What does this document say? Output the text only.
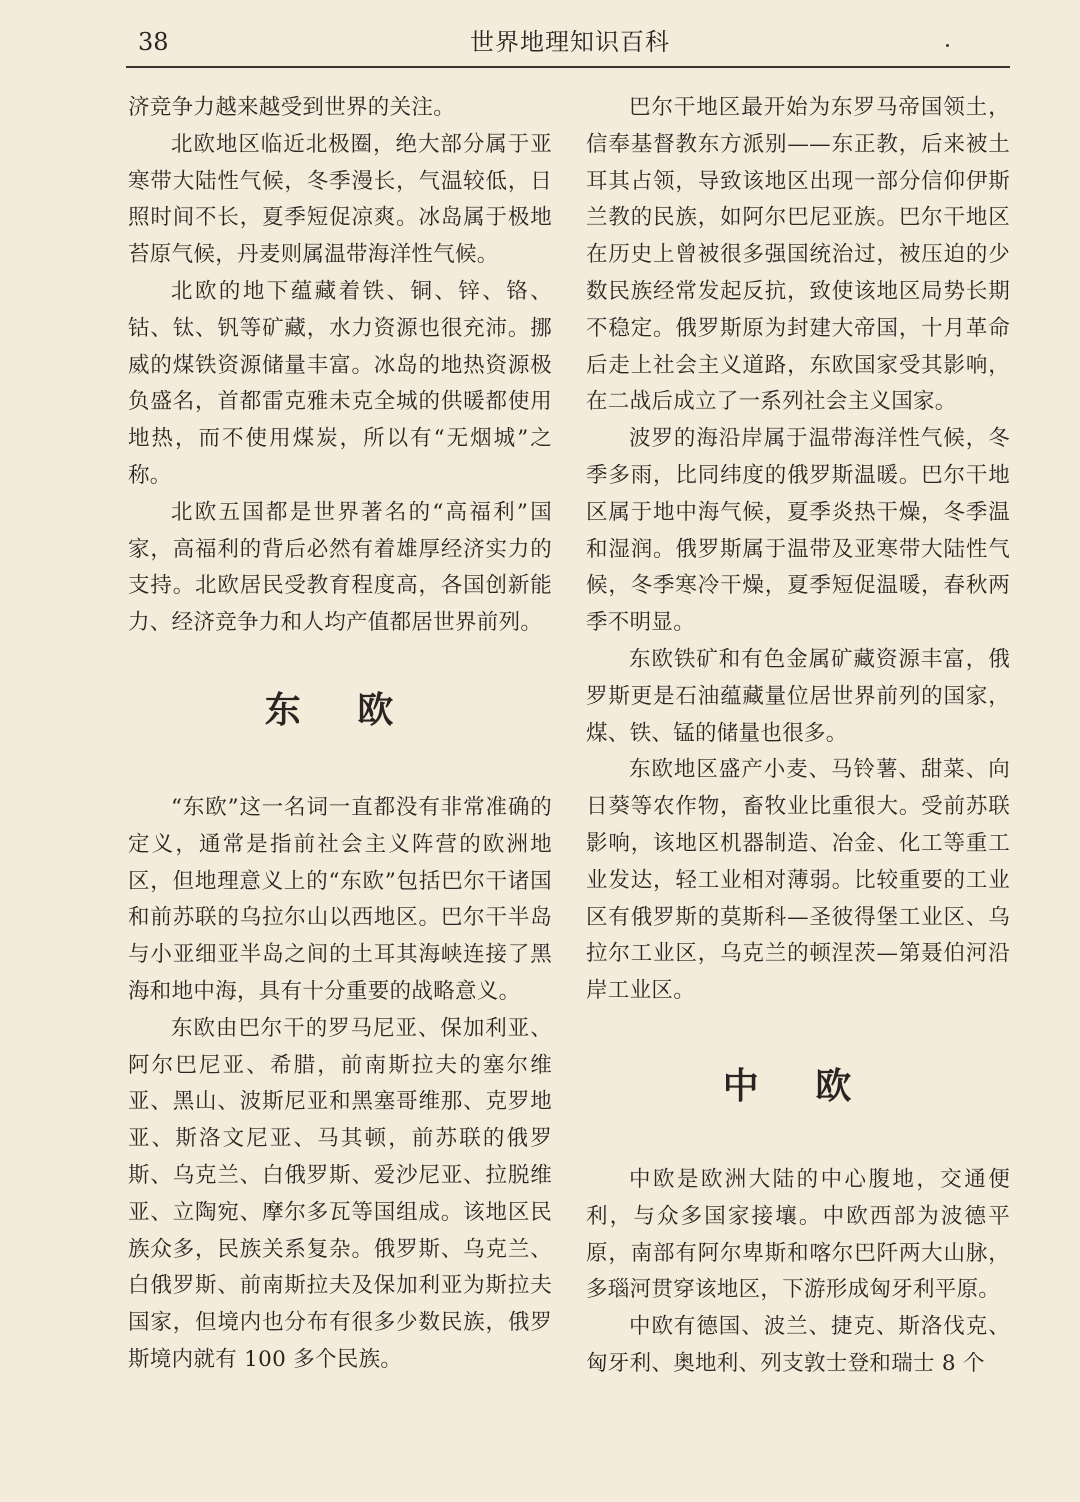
38	世界地理知识百科

济竞争力越来越受到世界的关注。

北欧地区临近北极圈，绝大部分属于亚寒带大陆性气候，冬季漫长，气温较低，日照时间不长，夏季短促凉爽。冰岛属于极地苔原气候，丹麦则属温带海洋性气候。

北欧的地下蕴藏着铁、铜、锌、铬、钴、钛、钒等矿藏，水力资源也很充沛。挪威的煤铁资源储量丰富。冰岛的地热资源极负盛名，首都雷克雅未克全城的供暖都使用地热，而不使用煤炭，所以有“无烟城”之称。

北欧五国都是世界著名的“高福利”国家，高福利的背后必然有着雄厚经济实力的支持。北欧居民受教育程度高，各国创新能力、经济竞争力和人均产值都居世界前列。

东 欧

“东欧”这一名词一直都没有非常准确的定义，通常是指前社会主义阵营的欧洲地区，但地理意义上的“东欧”包括巴尔干诸国和前苏联的乌拉尔山以西地区。巴尔干半岛与小亚细亚半岛之间的土耳其海峡连接了黑海和地中海，具有十分重要的战略意义。

东欧由巴尔干的罗马尼亚、保加利亚、阿尔巴尼亚、希腊，前南斯拉夫的塞尔维亚、黑山、波斯尼亚和黑塞哥维那、克罗地亚、斯洛文尼亚、马其顿，前苏联的俄罗斯、乌克兰、白俄罗斯、爱沙尼亚、拉脱维亚、立陶宛、摩尔多瓦等国组成。该地区民族众多，民族关系复杂。俄罗斯、乌克兰、白俄罗斯、前南斯拉夫及保加利亚为斯拉夫国家，但境内也分布有很多少数民族，俄罗斯境内就有 100 多个民族。

巴尔干地区最开始为东罗马帝国领土，信奉基督教东方派别——东正教，后来被土耳其占领，导致该地区出现一部分信仰伊斯兰教的民族，如阿尔巴尼亚族。巴尔干地区在历史上曾被很多强国统治过，被压迫的少数民族经常发起反抗，致使该地区局势长期不稳定。俄罗斯原为封建大帝国，十月革命后走上社会主义道路，东欧国家受其影响，在二战后成立了一系列社会主义国家。

波罗的海沿岸属于温带海洋性气候，冬季多雨，比同纬度的俄罗斯温暖。巴尔干地区属于地中海气候，夏季炎热干燥，冬季温和湿润。俄罗斯属于温带及亚寒带大陆性气候，冬季寒冷干燥，夏季短促温暖，春秋两季不明显。

东欧铁矿和有色金属矿藏资源丰富，俄罗斯更是石油蕴藏量位居世界前列的国家，煤、铁、锰的储量也很多。

东欧地区盛产小麦、马铃薯、甜菜、向日葵等农作物，畜牧业比重很大。受前苏联影响，该地区机器制造、冶金、化工等重工业发达，轻工业相对薄弱。比较重要的工业区有俄罗斯的莫斯科—圣彼得堡工业区、乌拉尔工业区，乌克兰的顿涅茨—第聂伯河沿岸工业区。

中 欧

中欧是欧洲大陆的中心腹地，交通便利，与众多国家接壤。中欧西部为波德平原，南部有阿尔卑斯和喀尔巴阡两大山脉，多瑙河贯穿该地区，下游形成匈牙利平原。

中欧有德国、波兰、捷克、斯洛伐克、匈牙利、奥地利、列支敦士登和瑞士 8 个
